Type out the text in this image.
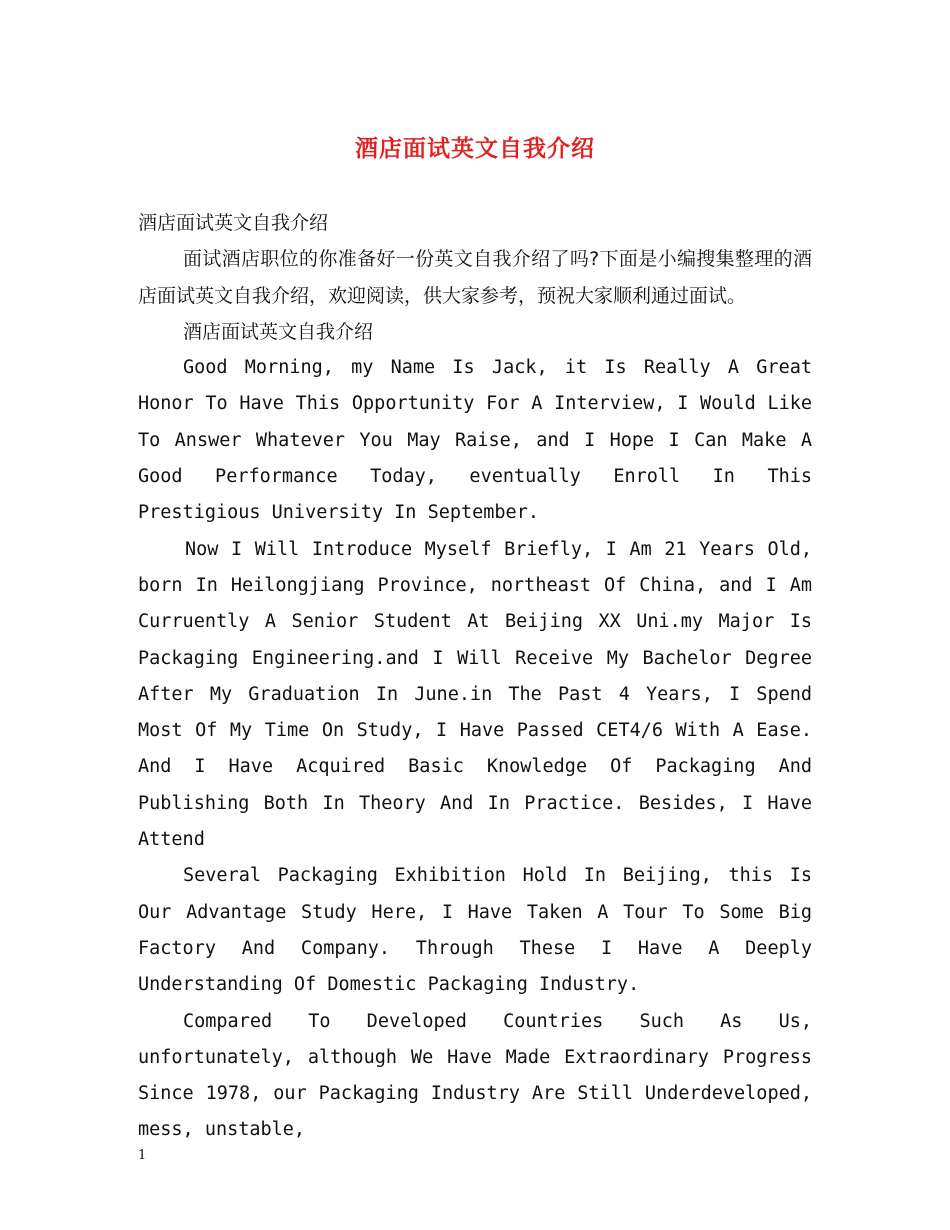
酒店面试英文自我介绍

酒店面试英文自我介绍

面试酒店职位的你准备好一份英文自我介绍了吗?下面是小编搜集整理的酒店面试英文自我介绍，欢迎阅读，供大家参考，预祝大家顺利通过面试。

酒店面试英文自我介绍

Good Morning, my Name Is Jack, it Is Really A Great Honor To Have This Opportunity For A Interview, I Would Like To Answer Whatever You May Raise, and I Hope I Can Make A Good Performance Today, eventually Enroll In This Prestigious University In September.

Now I Will Introduce Myself Briefly, I Am 21 Years Old, born In Heilongjiang Province, northeast Of China, and I Am Curruently A Senior Student At Beijing XX Uni.my Major Is Packaging Engineering.and I Will Receive My Bachelor Degree After My Graduation In June.in The Past 4 Years, I Spend Most Of My Time On Study, I Have Passed CET4/6 With A Ease. And I Have Acquired Basic Knowledge Of Packaging And Publishing Both In Theory And In Practice. Besides, I Have Attend

Several Packaging Exhibition Hold In Beijing, this Is Our Advantage Study Here, I Have Taken A Tour To Some Big Factory And Company. Through These I Have A Deeply Understanding Of Domestic Packaging Industry.

Compared To Developed Countries Such As Us, unfortunately, although We Have Made Extraordinary Progress Since 1978, our Packaging Industry Are Still Underdeveloped, mess, unstable,

1
